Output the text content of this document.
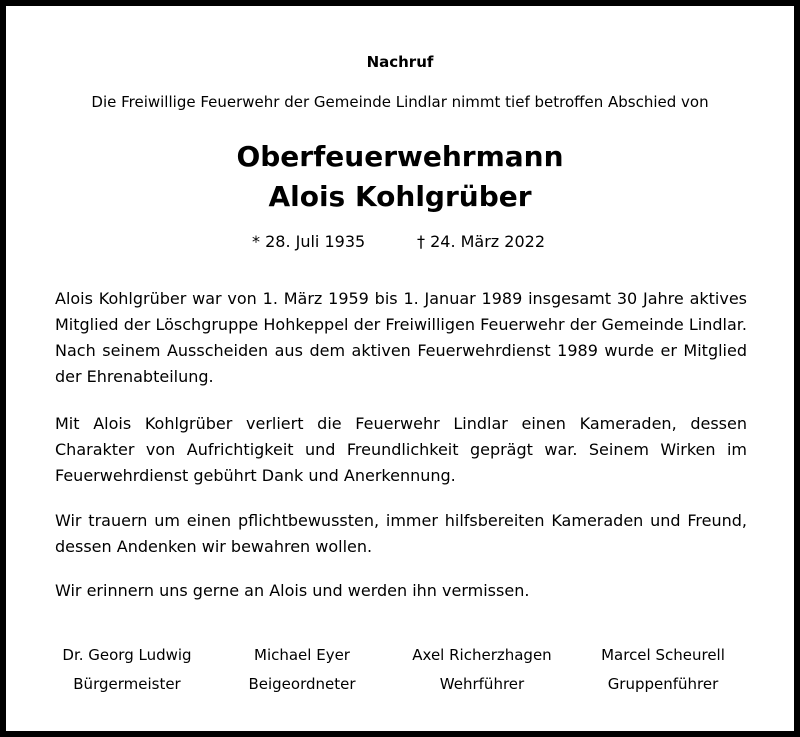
Nachruf
Die Freiwillige Feuerwehr der Gemeinde Lindlar nimmt tief betroffen Abschied von
Oberfeuerwehrmann
Alois Kohlgrüber
* 28. Juli 1935	† 24. März 2022

Alois Kohlgrüber war von 1. März 1959 bis 1. Januar 1989 insgesamt 30 Jahre aktives Mitglied der Löschgruppe Hohkeppel der Freiwilligen Feuerwehr der Gemeinde Lindlar. Nach seinem Ausscheiden aus dem aktiven Feuerwehrdienst 1989 wurde er Mitglied der Ehrenabteilung.

Mit Alois Kohlgrüber verliert die Feuerwehr Lindlar einen Kameraden, dessen Charakter von Aufrichtigkeit und Freundlichkeit geprägt war. Seinem Wirken im Feuerwehrdienst gebührt Dank und Anerkennung.

Wir trauern um einen pflichtbewussten, immer hilfsbereiten Kameraden und Freund, dessen Andenken wir bewahren wollen.

Wir erinnern uns gerne an Alois und werden ihn vermissen.

Dr. Georg Ludwig
Bürgermeister
Michael Eyer
Beigeordneter
Axel Richerzhagen
Wehrführer
Marcel Scheurell
Gruppenführer
